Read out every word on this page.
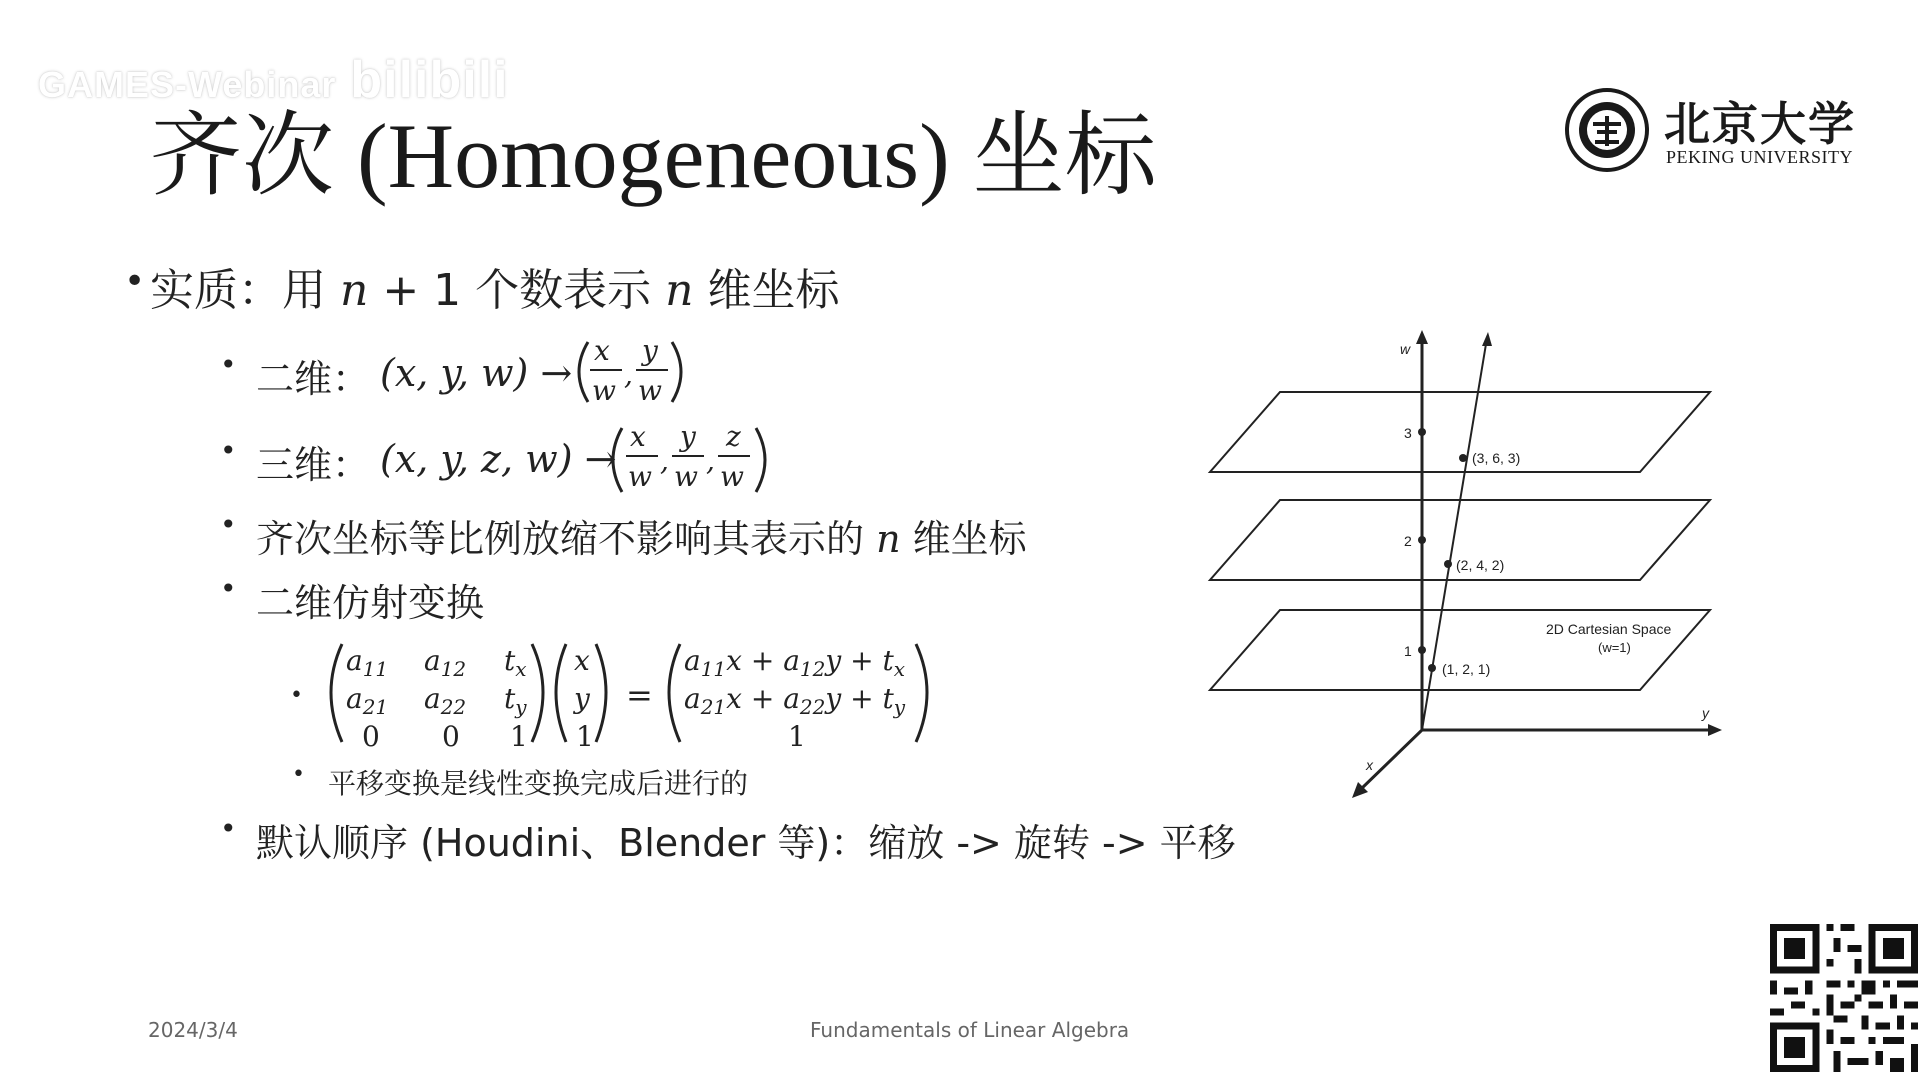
GAMES-Webinar bilibili
齐次 (Homogeneous) 坐标	北京大学
PEKING UNIVERSITY
• 实质：用 n + 1 个数表示 n 维坐标
• 二维：
• 三维：
• 齐次坐标等比例放缩不影响其表示的 n 维坐标
• 二维仿射变换
• 平移变换是线性变换完成后进行的
• 默认顺序 (Houdini、Blender 等)：缩放 -> 旋转 -> 平移
(x, y, w) →
x
w ,
y
w
(x, y, z, w) →
x
w ,
y
w ,
z
w
•
$a_{11}$ $a_{12}$ $t_x$
$a_{21}$ $a_{22}$ $t_y$
0 0 1
x
y
1
=
$a_{11}x + a_{12}y + t_x$
$a_{21}x + a_{22}y + t_y$
1
w
y
x
3
2
1
(3, 6, 3)
(2, 4, 2)
(1, 2, 1)
2D Cartesian Space
(w=1)
2024/3/4	Fundamentals of Linear Algebra
